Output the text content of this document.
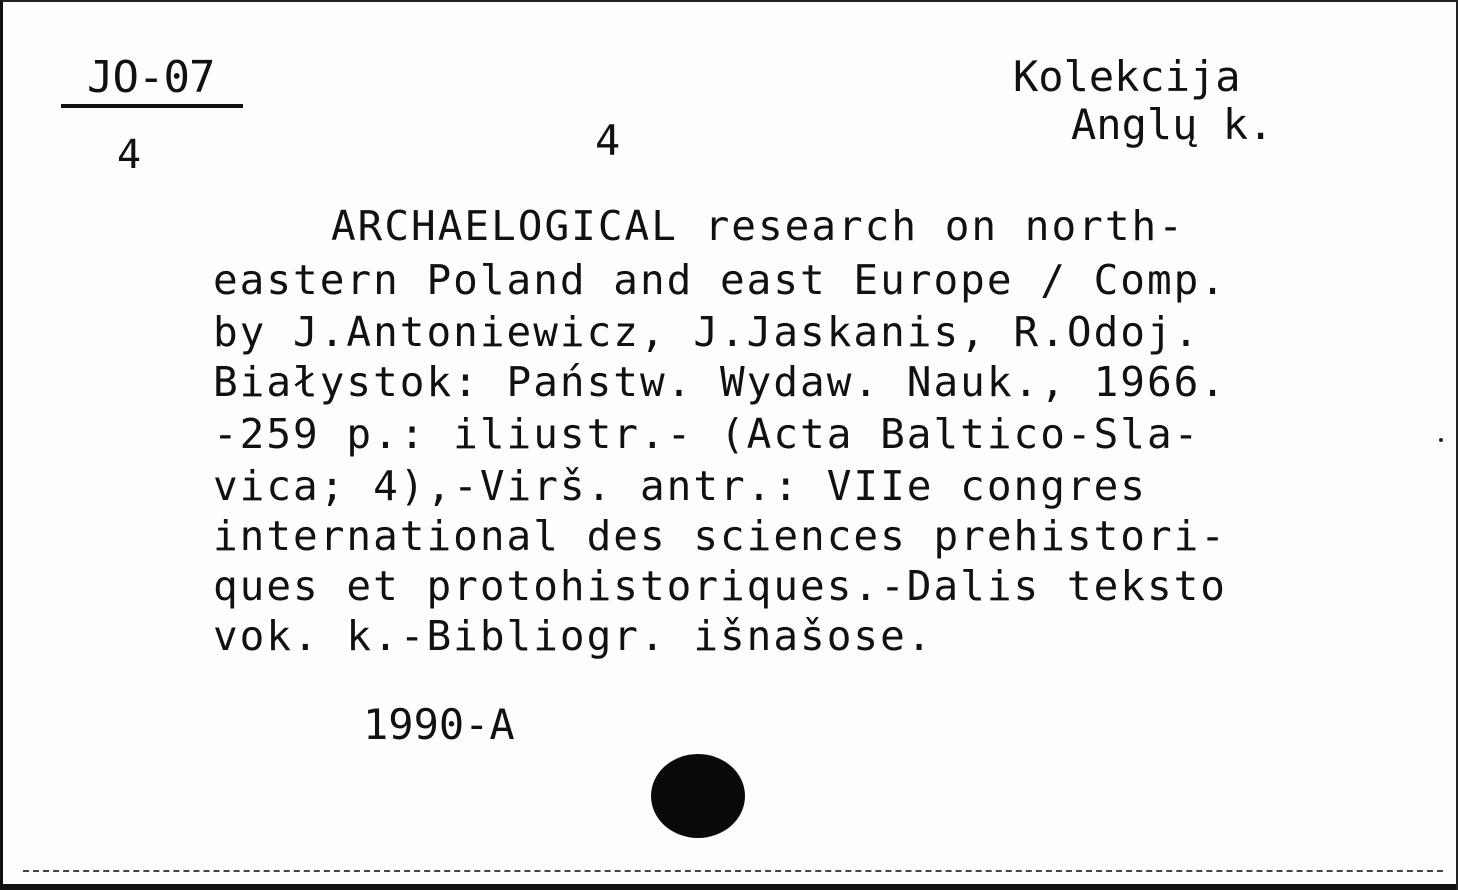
JO-07
4	4
Kolekcija
Anglų k.
ARCHAELOGICAL research on north-
eastern Poland and east Europe / Comp.
by J.Antoniewicz, J.Jaskanis, R.Odoj.
Białystok: Państw. Wydaw. Nauk., 1966.
-259 p.: iliustr.- (Acta Baltico-Sla-
vica; 4),-Virš. antr.: VIIe congres
international des sciences prehistori-
ques et protohistoriques.-Dalis teksto
vok. k.-Bibliogr. išnašose.
1990-A
